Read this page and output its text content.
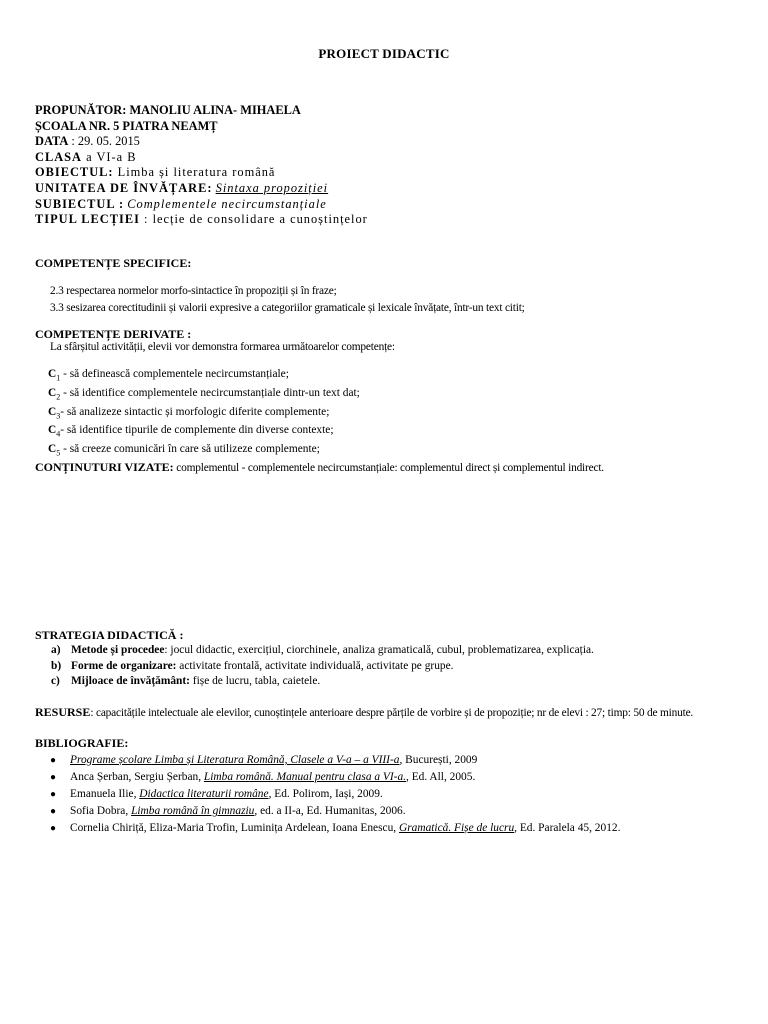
PROIECT DIDACTIC
PROPUNĂTOR: MANOLIU ALINA- MIHAELA
ȘCOALA NR. 5 PIATRA NEAMȚ
DATA : 29. 05. 2015
CLASA a VI-a B
OBIECTUL: Limba și literatura română
UNITATEA DE ÎNVĂȚARE: Sintaxa propoziției
SUBIECTUL : Complementele necircumstanțiale
TIPUL LECȚIEI : lecție de consolidare a cunoștințelor
COMPETENȚE SPECIFICE:
2.3 respectarea normelor morfo-sintactice în propoziții și în fraze;
3.3 sesizarea corectitudinii și valorii expresive a categoriilor gramaticale și lexicale învățate, într-un text citit;
COMPETENȚE DERIVATE :
La sfârșitul activității, elevii vor demonstra formarea următoarelor competențe:
$C_1$ - să definească complementele necircumstanțiale;
$C_2$ - să identifice complementele necircumstanțiale dintr-un text dat;
$C_3-$ să analizeze sintactic și morfologic diferite complemente;
$C_4-$ să identifice tipurile de complemente din diverse contexte;
$C_5$ - să creeze comunicări în care să utilizeze complemente;
CONȚINUTURI VIZATE: complementul - complementele necircumstanțiale: complementul direct și complementul indirect.
STRATEGIA DIDACTICĂ :
a) Metode și procedee: jocul didactic, exercițiul, ciorchinele, analiza gramaticală, cubul, problematizarea, explicația.
b) Forme de organizare: activitate frontală, activitate individuală, activitate pe grupe.
c) Mijloace de învățământ: fișe de lucru, tabla, caietele.
RESURSE: capacitățile intelectuale ale elevilor, cunoștințele anterioare despre părțile de vorbire și de propoziție; nr de elevi : 27; timp: 50 de minute.
BIBLIOGRAFIE:
● Programe școlare Limba și Literatura Română, Clasele a V-a – a VIII-a, București, 2009
● Anca Șerban, Sergiu Șerban, Limba română. Manual pentru clasa a VI-a., Ed. All, 2005.
● Emanuela Ilie, Didactica literaturii române, Ed. Polirom, Iași, 2009.
● Sofia Dobra, Limba română în gimnaziu, ed. a II-a, Ed. Humanitas, 2006.
● Cornelia Chiriță, Eliza-Maria Trofin, Luminița Ardelean, Ioana Enescu, Gramatică. Fișe de lucru, Ed. Paralela 45, 2012.
